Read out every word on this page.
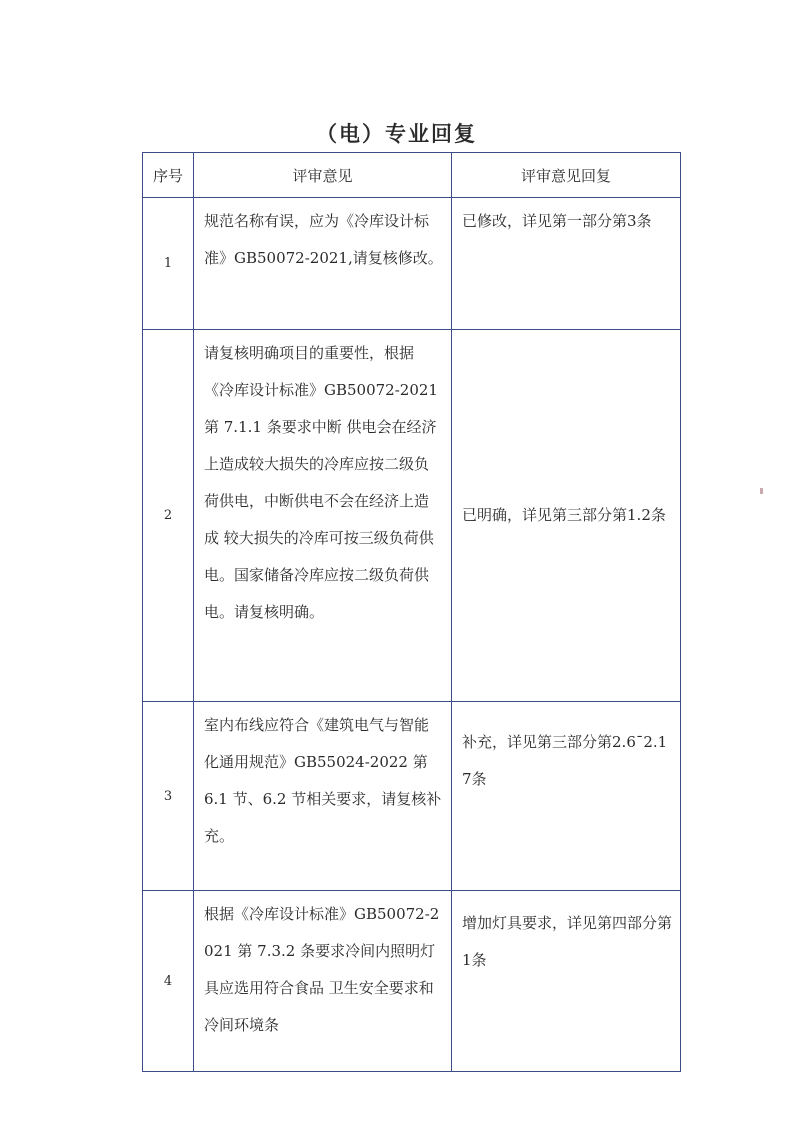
（电）专业回复
序号	评审意见	评审意见回复
1	规范名称有误，应为《冷库设计标准》GB50072-2021,请复核修改。	已修改，详见第一部分第3条
2	请复核明确项目的重要性，根据《冷库设计标准》GB50072-2021 第 7.1.1 条要求中断 供电会在经济上造成较大损失的冷库应按二级负荷供电，中断供电不会在经济上造成 较大损失的冷库可按三级负荷供电。国家储备冷库应按二级负荷供电。请复核明确。	已明确，详见第三部分第1.2条
3	室内布线应符合《建筑电气与智能化通用规范》GB55024-2022 第 6.1 节、6.2 节相关要求，请复核补充。	补充，详见第三部分第2.6¯2.17条
4	根据《冷库设计标准》GB50072-2021 第 7.3.2 条要求冷间内照明灯具应选用符合食品 卫生安全要求和冷间环境条	增加灯具要求，详见第四部分第1条
